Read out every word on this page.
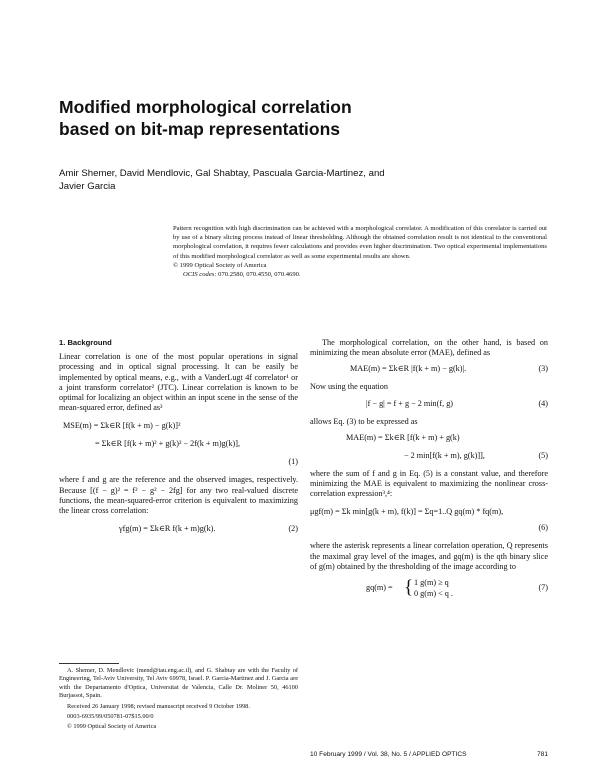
Modified morphological correlation
based on bit-map representations
Amir Shemer, David Mendlovic, Gal Shabtay, Pascuala Garcia-Martinez, and
Javier Garcia

Pattern recognition with high discrimination can be achieved with a morphological correlator. A modification of this correlator is carried out by use of a binary slicing process instead of linear thresholding. Although the obtained correlation result is not identical to the conventional morphological correlation, it requires fewer calculations and provides even higher discrimination. Two optical experimental implementations of this modified morphological correlator as well as some experimental results are shown.

© 1999 Optical Society of America

OCIS codes: 070.2580, 070.4550, 070.4690.

1. Background

Linear correlation is one of the most popular operations in signal processing and in optical signal processing. It can be easily be implemented by optical means, e.g., with a VanderLugt 4f correlator¹ or a joint transform correlator² (JTC). Linear correlation is known to be optimal for localizing an object within an input scene in the sense of the mean-squared error, defined as³

MSE(m) = Σk∈R [f(k + m) − g(k)]²
= Σk∈R [f(k + m)² + g(k)² − 2f(k + m)g(k)],
(1)

where f and g are the reference and the observed images, respectively. Because [(f − g)² = f² − g² − 2fg] for any two real-valued discrete functions, the mean-squared-error criterion is equivalent to maximizing the linear cross correlation:

γfg(m) = Σk∈R f(k + m)g(k).	(2)

A. Shemer, D. Mendlovic (mend@tau.eng.ac.il), and G. Shabtay are with the Faculty of Engineering, Tel-Aviv University, Tel Aviv 69978, Israel. P. Garcia-Martinez and J. Garcia are with the Departamento d'Optica, Universitat de Valencia, Calle Dr. Moliner 50, 46100 Burjassot, Spain.

Received 26 January 1998; revised manuscript received 9 October 1998.

0003-6935/99/050781-07$15.00/0

© 1999 Optical Society of America

The morphological correlation, on the other hand, is based on minimizing the mean absolute error (MAE), defined as

MAE(m) = Σk∈R |f(k + m) − g(k)|.	(3)

Now using the equation

|f − g| = f + g − 2 min(f, g)	(4)

allows Eq. (3) to be expressed as

MAE(m) = Σk∈R [f(k + m) + g(k)
− 2 min[f(k + m), g(k)]],	(5)

where the sum of f and g in Eq. (5) is a constant value, and therefore minimizing the MAE is equivalent to maximizing the nonlinear cross-correlation expression³,⁴:

μgf(m) = Σk min[g(k + m), f(k)] = Σq=1..Q gq(m) * fq(m),
(6)

where the asterisk represents a linear correlation operation, Q represents the maximal gray level of the images, and gq(m) is the qth binary slice of g(m) obtained by the thresholding of the image according to

gq(m) = { 1 g(m) ≥ q
0 g(m) < q .
(7)
10 February 1999 / Vol. 38, No. 5 / APPLIED OPTICS	781
